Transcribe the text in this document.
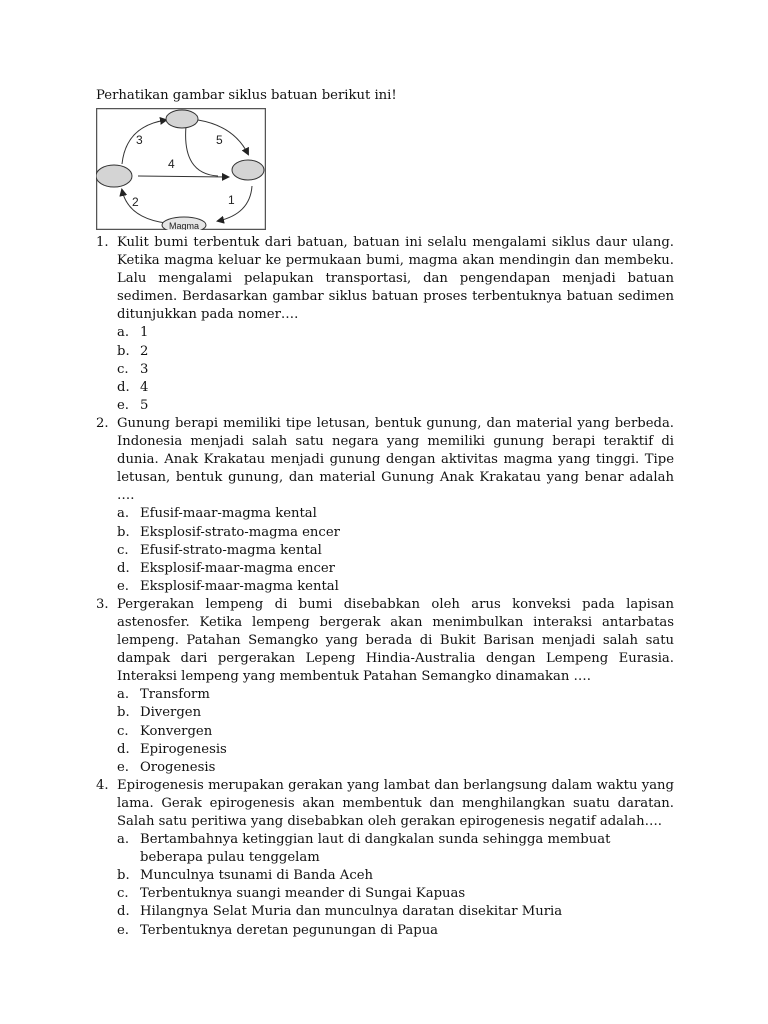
Perhatikan gambar siklus batuan berikut ini!
3	5
4
2	1
Magma
1. Kulit bumi terbentuk dari batuan, batuan ini selalu mengalami siklus daur ulang. Ketika magma keluar ke permukaan bumi, magma akan mendingin dan membeku. Lalu mengalami pelapukan transportasi, dan pengendapan menjadi batuan sedimen. Berdasarkan gambar siklus batuan proses terbentuknya batuan sedimen ditunjukkan pada nomer….
a. 1
b. 2
c. 3
d. 4
e. 5
2. Gunung berapi memiliki tipe letusan, bentuk gunung, dan material yang berbeda. Indonesia menjadi salah satu negara yang memiliki gunung berapi teraktif di dunia. Anak Krakatau menjadi gunung dengan aktivitas magma yang tinggi. Tipe letusan, bentuk gunung, dan material Gunung Anak Krakatau yang benar adalah ….
a. Efusif-maar-magma kental
b. Eksplosif-strato-magma encer
c. Efusif-strato-magma kental
d. Eksplosif-maar-magma encer
e. Eksplosif-maar-magma kental
3. Pergerakan lempeng di bumi disebabkan oleh arus konveksi pada lapisan astenosfer. Ketika lempeng bergerak akan menimbulkan interaksi antarbatas lempeng. Patahan Semangko yang berada di Bukit Barisan menjadi salah satu dampak dari pergerakan Lepeng Hindia-Australia dengan Lempeng Eurasia. Interaksi lempeng yang membentuk Patahan Semangko dinamakan ….
a. Transform
b. Divergen
c. Konvergen
d. Epirogenesis
e. Orogenesis
4. Epirogenesis merupakan gerakan yang lambat dan berlangsung dalam waktu yang lama. Gerak epirogenesis akan membentuk dan menghilangkan suatu daratan. Salah satu peritiwa yang disebabkan oleh gerakan epirogenesis negatif adalah….
a. Bertambahnya ketinggian laut di dangkalan sunda sehingga membuat beberapa pulau tenggelam
b. Munculnya tsunami di Banda Aceh
c. Terbentuknya suangi meander di Sungai Kapuas
d. Hilangnya Selat Muria dan munculnya daratan disekitar Muria
e. Terbentuknya deretan pegunungan di Papua
